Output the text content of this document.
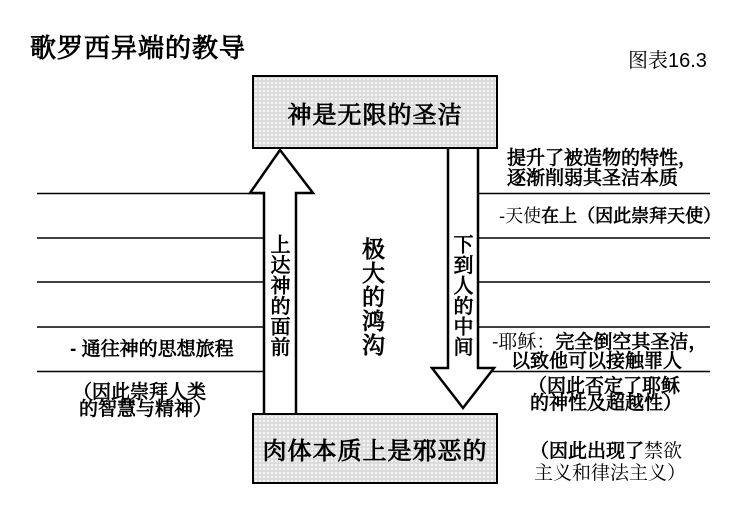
歌罗西异端的教导	图表16.3
神是无限的圣洁
肉体本质上是邪恶的
上达神的面前	极大的鸿沟	下到人的中间
- 通往神的思想旅程
（因此崇拜人类
的智慧与精神）
提升了被造物的特性，
逐渐削弱其圣洁本质
-天使在上（因此崇拜天使）
-耶稣：完全倒空其圣洁，
以致他可以接触罪人
（因此否定了耶稣
的神性及超越性）
（因此出现了禁欲
主义和律法主义）
